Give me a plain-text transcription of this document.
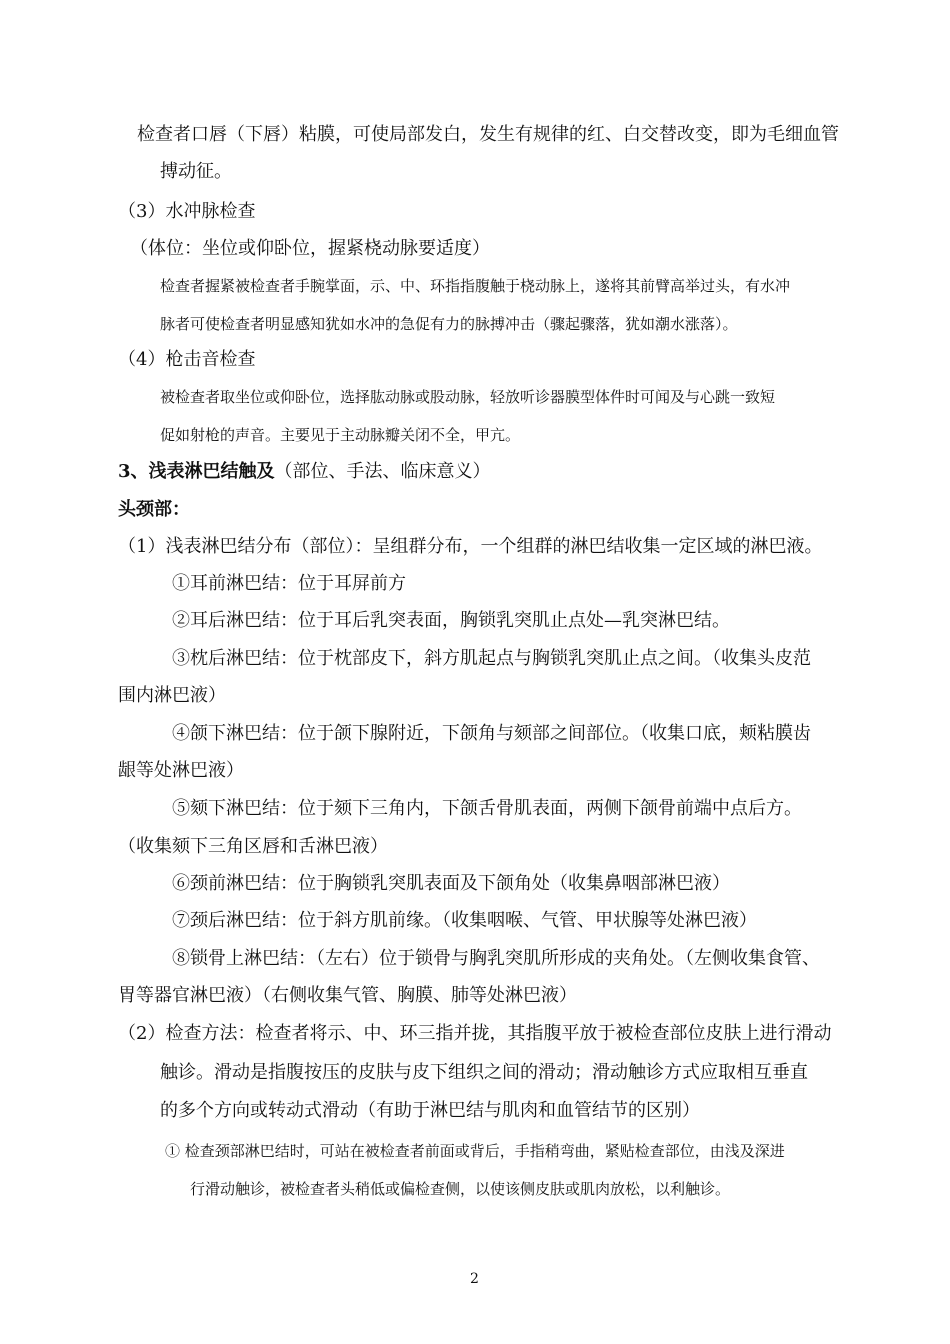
检查者口唇（下唇）粘膜，可使局部发白，发生有规律的红、白交替改变，即为毛细血管
搏动征。
（3）水冲脉检查
（体位：坐位或仰卧位，握紧桡动脉要适度）
检查者握紧被检查者手腕掌面，示、中、环指指腹触于桡动脉上，遂将其前臂高举过头，有水冲
脉者可使检查者明显感知犹如水冲的急促有力的脉搏冲击（骤起骤落，犹如潮水涨落）。
（4）枪击音检查
被检查者取坐位或仰卧位，选择肱动脉或股动脉，轻放听诊器膜型体件时可闻及与心跳一致短
促如射枪的声音。主要见于主动脉瓣关闭不全，甲亢。
3、浅表淋巴结触及（部位、手法、临床意义）
头颈部：
（1）浅表淋巴结分布（部位）：呈组群分布，一个组群的淋巴结收集一定区域的淋巴液。
①耳前淋巴结：位于耳屏前方
②耳后淋巴结：位于耳后乳突表面，胸锁乳突肌止点处—乳突淋巴结。
③枕后淋巴结：位于枕部皮下，斜方肌起点与胸锁乳突肌止点之间。（收集头皮范
围内淋巴液）
④颌下淋巴结：位于颌下腺附近，下颌角与颏部之间部位。（收集口底，颊粘膜齿
龈等处淋巴液）
⑤颏下淋巴结：位于颏下三角内，下颌舌骨肌表面，两侧下颌骨前端中点后方。
（收集颏下三角区唇和舌淋巴液）
⑥颈前淋巴结：位于胸锁乳突肌表面及下颌角处（收集鼻咽部淋巴液）
⑦颈后淋巴结：位于斜方肌前缘。（收集咽喉、气管、甲状腺等处淋巴液）
⑧锁骨上淋巴结：（左右）位于锁骨与胸乳突肌所形成的夹角处。（左侧收集食管、
胃等器官淋巴液）（右侧收集气管、胸膜、肺等处淋巴液）
（2）检查方法：检查者将示、中、环三指并拢，其指腹平放于被检查部位皮肤上进行滑动
触诊。滑动是指腹按压的皮肤与皮下组织之间的滑动；滑动触诊方式应取相互垂直
的多个方向或转动式滑动（有助于淋巴结与肌肉和血管结节的区别）
① 检查颈部淋巴结时，可站在被检查者前面或背后，手指稍弯曲，紧贴检查部位，由浅及深进
行滑动触诊，被检查者头稍低或偏检查侧，以使该侧皮肤或肌肉放松，以利触诊。
2
